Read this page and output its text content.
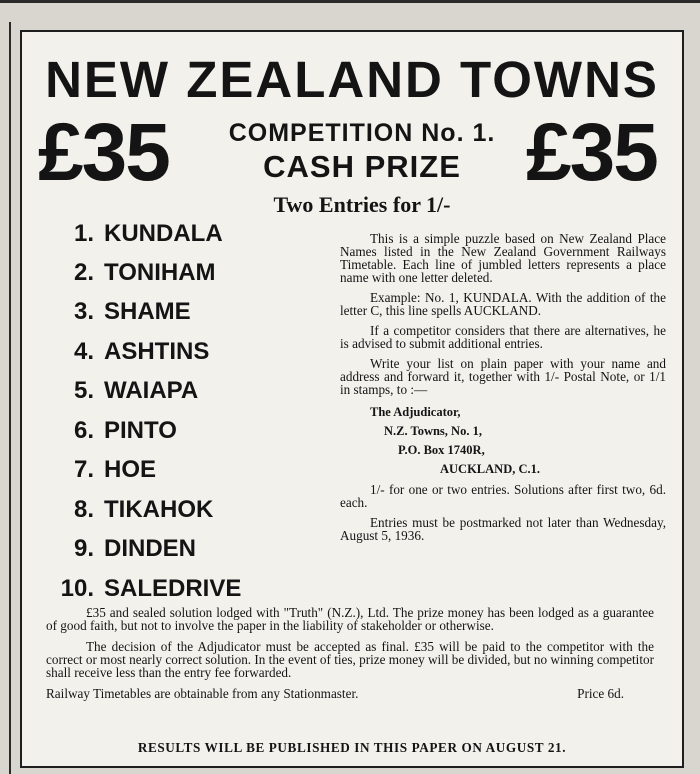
NEW ZEALAND TOWNS
£35	£35
COMPETITION No. 1.
CASH PRIZE
Two Entries for 1/-
1. KUNDALA
2. TONIHAM
3. SHAME
4. ASHTINS
5. WAIAPA
6. PINTO
7. HOE
8. TIKAHOK
9. DINDEN
10. SALEDRIVE

This is a simple puzzle based on New Zealand Place Names listed in the New Zealand Government Railways Timetable. Each line of jumbled letters represents a place name with one letter deleted.

Example: No. 1, KUNDALA. With the addition of the letter C, this line spells AUCKLAND.

If a competitor considers that there are alternatives, he is advised to submit additional entries.

Write your list on plain paper with your name and address and forward it, together with 1/- Postal Note, or 1/1 in stamps, to :—

The Adjudicator,
N.Z. Towns, No. 1,
P.O. Box 1740R,
AUCKLAND, C.1.

1/- for one or two entries. Solutions after first two, 6d. each.

Entries must be postmarked not later than Wednesday, August 5, 1936.

£35 and sealed solution lodged with "Truth" (N.Z.), Ltd. The prize money has been lodged as a guarantee of good faith, but not to involve the paper in the liability of stakeholder or otherwise.

The decision of the Adjudicator must be accepted as final. £35 will be paid to the competitor with the correct or most nearly correct solution. In the event of ties, prize money will be divided, but no winning competitor shall receive less than the entry fee forwarded.

Railway Timetables are obtainable from any Stationmaster.	Price 6d.

RESULTS WILL BE PUBLISHED IN THIS PAPER ON AUGUST 21.
